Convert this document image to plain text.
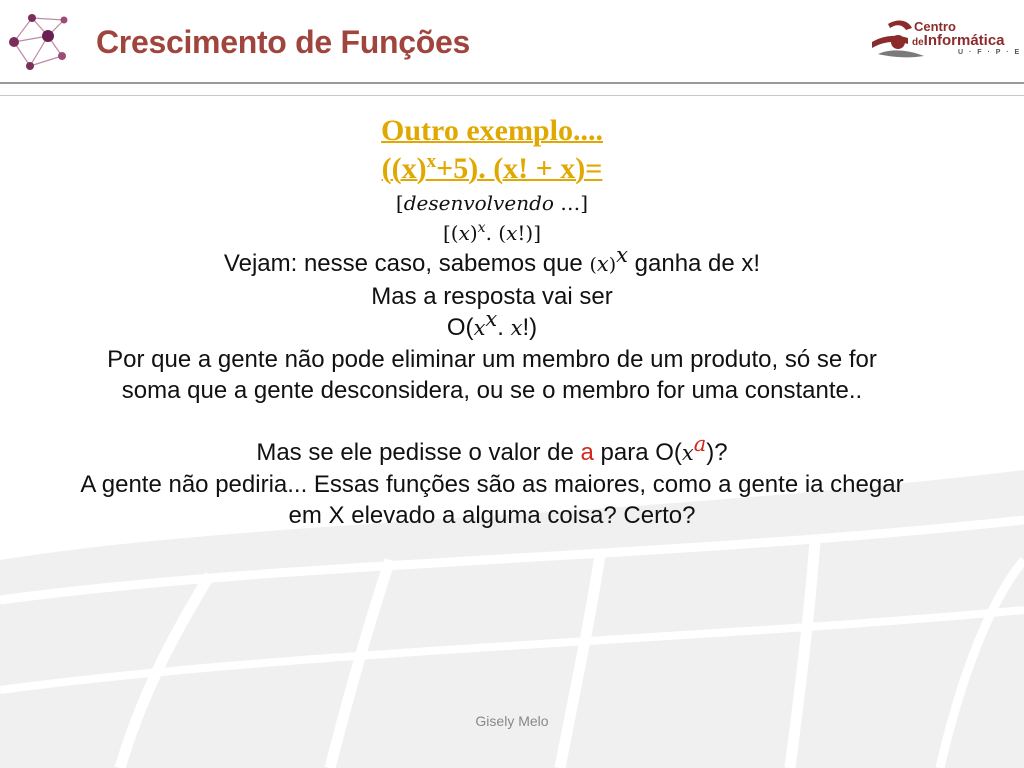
Crescimento de Funções	Centro
deInformática
U · F · P · E
Outro exemplo....
$((x)^x+5)$. (x! + x)=
[desenvolvendo …]
[$(x)^x$. (x!)]
Vejam: nesse caso, sabemos que $(x)^x$ ganha de x!
Mas a resposta vai ser
$O(x^x$. x!)
Por que a gente não pode eliminar um membro de um produto, só se for soma que a gente desconsidera, ou se o membro for uma constante..
Mas se ele pedisse o valor de a para $O(x^a)$?
A gente não pediria... Essas funções são as maiores, como a gente ia chegar em X elevado a alguma coisa? Certo?
Gisely Melo
